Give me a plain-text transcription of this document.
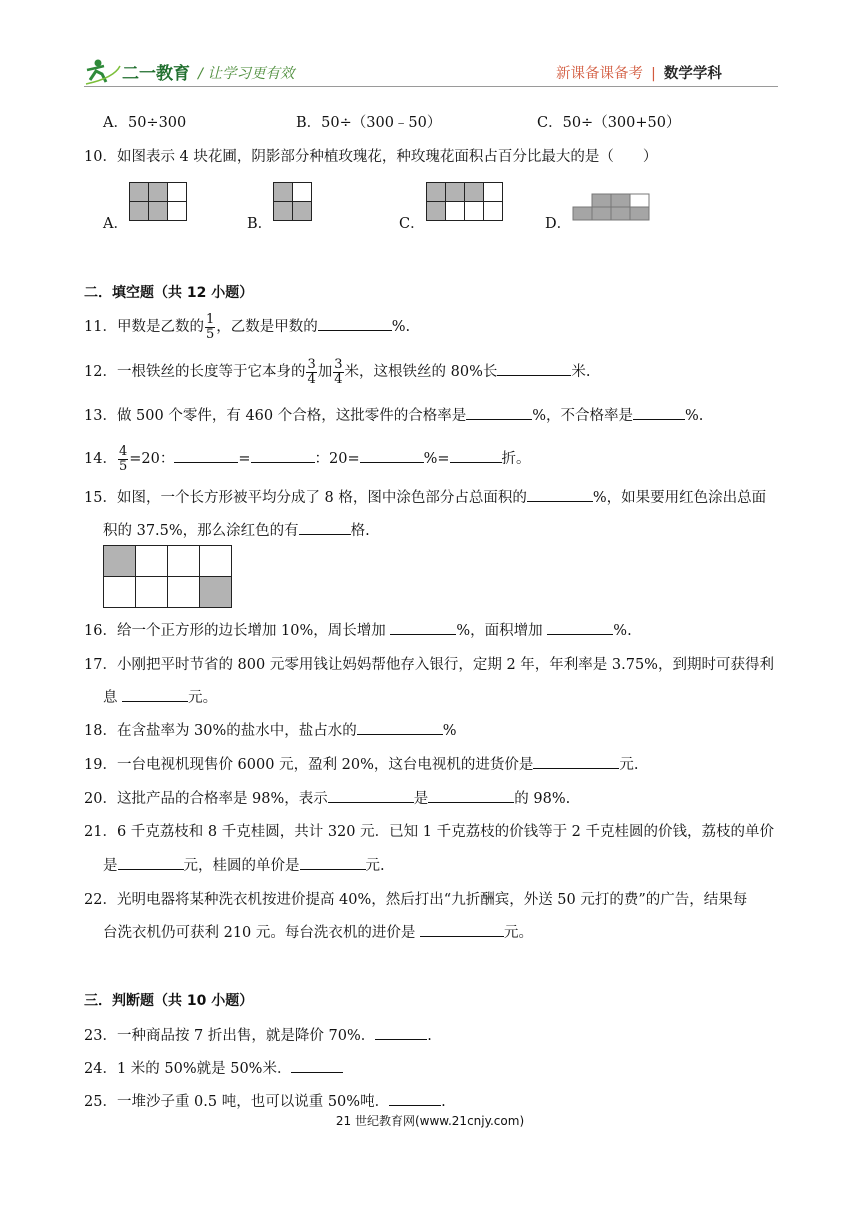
二一教育 / 让学习更有效	新课备课备考 | 数学学科
A．50÷300	B．50÷（300﹣50）	C．50÷（300+50）
10．如图表示 4 块花圃，阴影部分种植玫瑰花，种玫瑰花面积占百分比最大的是（　　）
A．	B．	C．	D．
二．填空题（共 12 小题）
11．甲数是乙数的 $\frac{1}{5}$ ，乙数是甲数的	%.
12．一根铁丝的长度等于它本身的 $\frac{3}{4}$ 加 $\frac{3}{4}$ 米，这根铁丝的 80%长	米.
13．做 500 个零件，有 460 个合格，这批零件的合格率是	%，不合格率是	%.
14． $\frac{4}{5} =20$：	=	：20=	%=	折。
15．如图，一个长方形被平均分成了 8 格，图中涂色部分占总面积的	%，如果要用红色涂出总面
积的 37.5%，那么涂红色的有	格.
16．给一个正方形的边长增加 10%，周长增加	%，面积增加	%.
17．小刚把平时节省的 800 元零用钱让妈妈帮他存入银行，定期 2 年，年利率是 3.75%，到期时可获得利
息	元。
18．在含盐率为 30%的盐水中，盐占水的	%
19．一台电视机现售价 6000 元，盈利 20%，这台电视机的进货价是	元.
20．这批产品的合格率是 98%，表示	是	的 98%.
21．6 千克荔枝和 8 千克桂圆，共计 320 元．已知 1 千克荔枝的价钱等于 2 千克桂圆的价钱，荔枝的单价
是	元，桂圆的单价是	元.
22．光明电器将某种洗衣机按进价提高 40%，然后打出“九折酬宾，外送 50 元打的费”的广告，结果每
台洗衣机仍可获利 210 元。每台洗衣机的进价是	元。
三．判断题（共 10 小题）
23．一种商品按 7 折出售，就是降价 70%．	.
24．1 米的 50%就是 50%米．
25．一堆沙子重 0.5 吨，也可以说重 50%吨．	.
21 世纪教育网(www.21cnjy.com)
